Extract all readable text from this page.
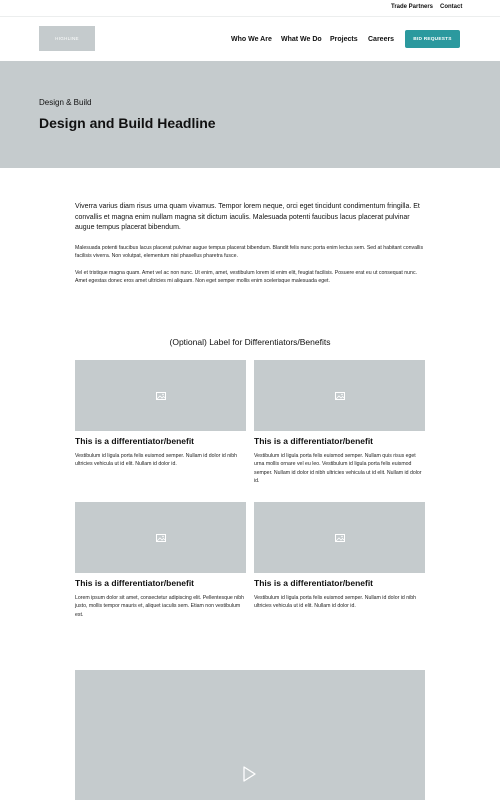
Trade Partners Contact
HIGHLINE	Who We Are What We Do Projects Careers	BID REQUESTS
Design & Build
Design and Build Headline
Viverra varius diam risus urna quam vivamus. Tempor lorem neque, orci eget tincidunt condimentum fringilla. Et convallis et magna enim nullam magna sit dictum iaculis. Malesuada potenti faucibus lacus placerat pulvinar augue tempus placerat bibendum.
Malesuada potenti faucibus lacus placerat pulvinar augue tempus placerat bibendum. Blandit felis nunc porta enim lectus sem. Sed at habitant convallis facilisis viverra. Non volutpat, elementum nisi phasellus pharetra fusce.
Vel et tristique magna quam. Amet vel ac non nunc. Ut enim, amet, vestibulum lorem id enim elit, feugiat facilisis. Posuere erat eu ut consequat nunc. Amet egestas donec eros amet ultricies mi aliquam. Non eget semper mollis enim scelerisque malesuada eget.
(Optional) Label for Differentiators/Benefits
This is a differentiator/benefit
Vestibulum id ligula porta felis euismod semper. Nullam id dolor id nibh ultricies vehicula ut id elit. Nullam id dolor id.
This is a differentiator/benefit
Vestibulum id ligula porta felis euismod semper. Nullam quis risus eget urna mollis ornare vel eu leo. Vestibulum id ligula porta felis euismod semper. Nullam id dolor id nibh ultricies vehicula ut id elit. Nullam id dolor id.
This is a differentiator/benefit
Lorem ipsum dolor sit amet, consectetur adipiscing elit. Pellentesque nibh justo, mollis tempor mauris et, aliquet iaculis sem. Etiam non vestibulum est.
This is a differentiator/benefit
Vestibulum id ligula porta felis euismod semper. Nullam id dolor id nibh ultricies vehicula ut id elit. Nullam id dolor id.
